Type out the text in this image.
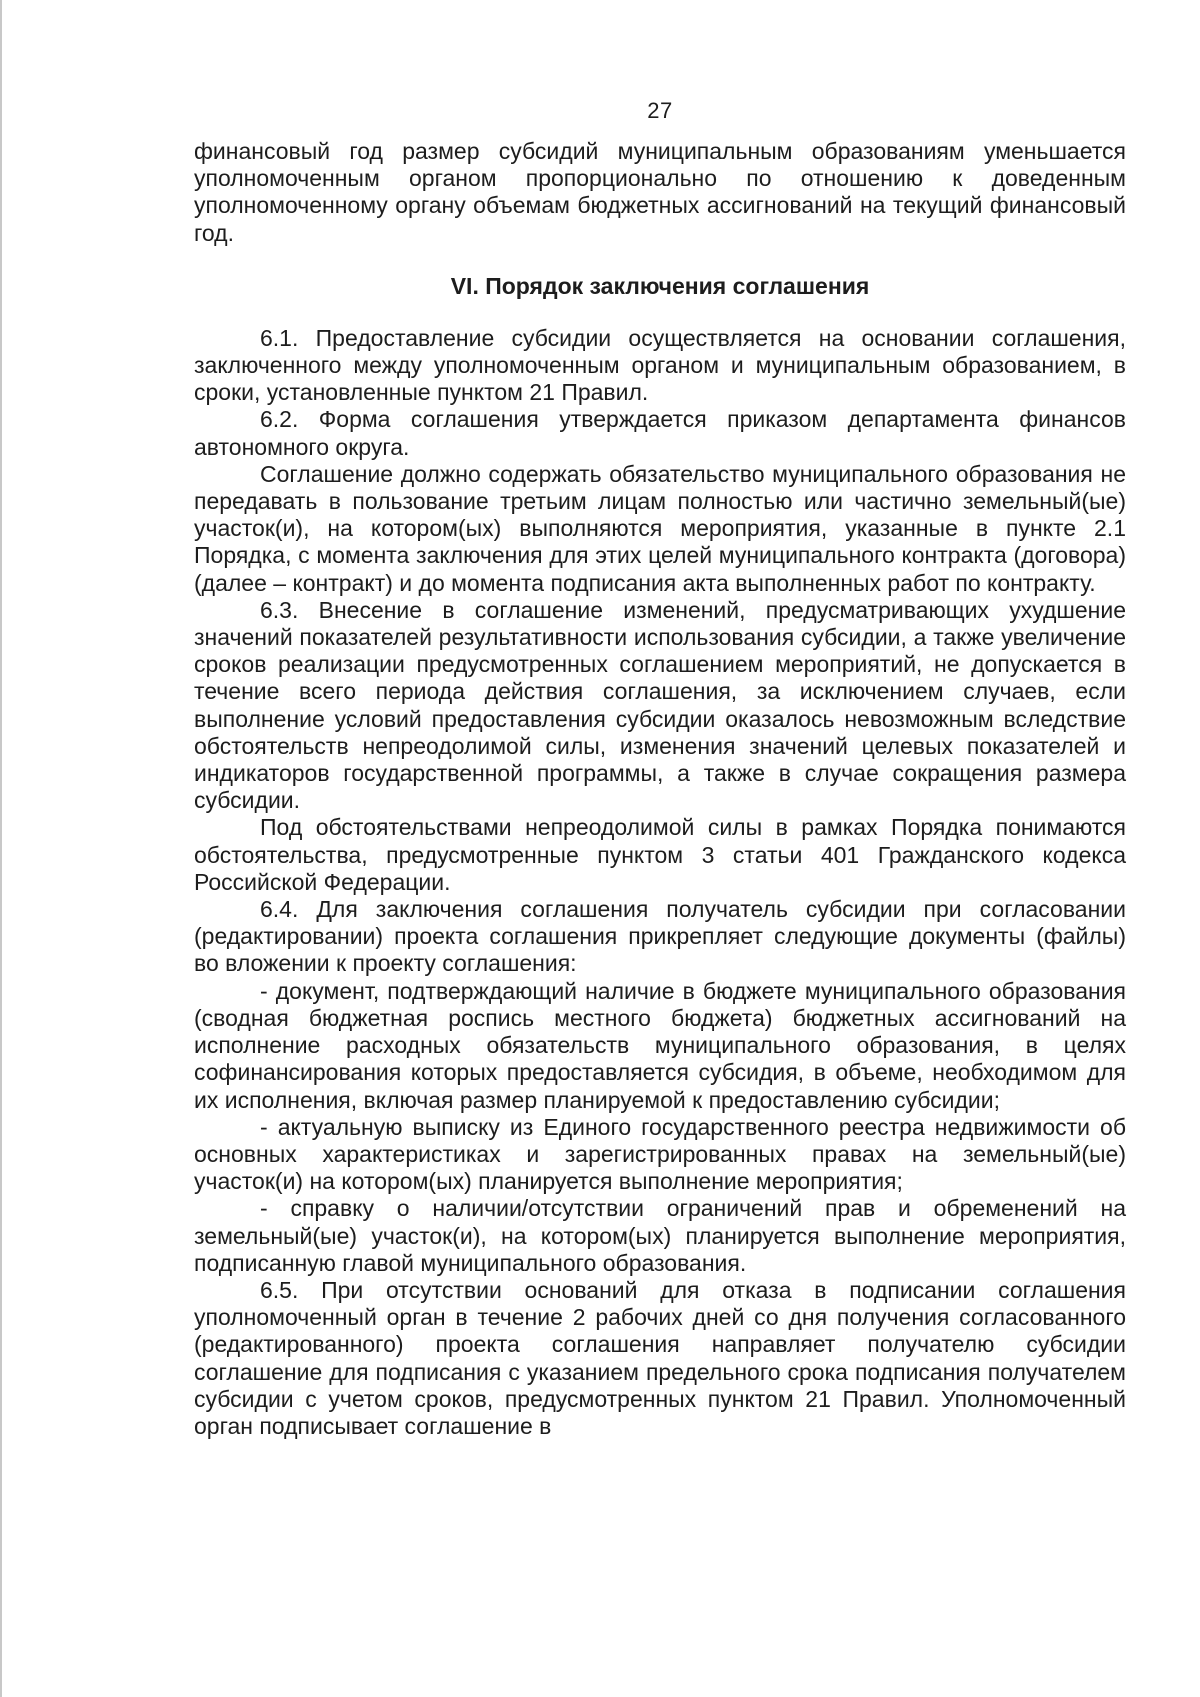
27

финансовый год размер субсидий муниципальным образованиям уменьшается уполномоченным органом пропорционально по отношению к доведенным уполномоченному органу объемам бюджетных ассигнований на текущий финансовый год.

VI. Порядок заключения соглашения

6.1. Предоставление субсидии осуществляется на основании соглашения, заключенного между уполномоченным органом и муниципальным образованием, в сроки, установленные пунктом 21 Правил.

6.2. Форма соглашения утверждается приказом департамента финансов автономного округа.

Соглашение должно содержать обязательство муниципального образования не передавать в пользование третьим лицам полностью или частично земельный(ые) участок(и), на котором(ых) выполняются мероприятия, указанные в пункте 2.1 Порядка, с момента заключения для этих целей муниципального контракта (договора) (далее – контракт) и до момента подписания акта выполненных работ по контракту.

6.3. Внесение в соглашение изменений, предусматривающих ухудшение значений показателей результативности использования субсидии, а также увеличение сроков реализации предусмотренных соглашением мероприятий, не допускается в течение всего периода действия соглашения, за исключением случаев, если выполнение условий предоставления субсидии оказалось невозможным вследствие обстоятельств непреодолимой силы, изменения значений целевых показателей и индикаторов государственной программы, а также в случае сокращения размера субсидии.

Под обстоятельствами непреодолимой силы в рамках Порядка понимаются обстоятельства, предусмотренные пунктом 3 статьи 401 Гражданского кодекса Российской Федерации.

6.4. Для заключения соглашения получатель субсидии при согласовании (редактировании) проекта соглашения прикрепляет следующие документы (файлы) во вложении к проекту соглашения:

- документ, подтверждающий наличие в бюджете муниципального образования (сводная бюджетная роспись местного бюджета) бюджетных ассигнований на исполнение расходных обязательств муниципального образования, в целях софинансирования которых предоставляется субсидия, в объеме, необходимом для их исполнения, включая размер планируемой к предоставлению субсидии;

- актуальную выписку из Единого государственного реестра недвижимости об основных характеристиках и зарегистрированных правах на земельный(ые) участок(и) на котором(ых) планируется выполнение мероприятия;

- справку о наличии/отсутствии ограничений прав и обременений на земельный(ые) участок(и), на котором(ых) планируется выполнение мероприятия, подписанную главой муниципального образования.

6.5. При отсутствии оснований для отказа в подписании соглашения уполномоченный орган в течение 2 рабочих дней со дня получения согласованного (редактированного) проекта соглашения направляет получателю субсидии соглашение для подписания с указанием предельного срока подписания получателем субсидии с учетом сроков, предусмотренных пунктом 21 Правил. Уполномоченный орган подписывает соглашение в
